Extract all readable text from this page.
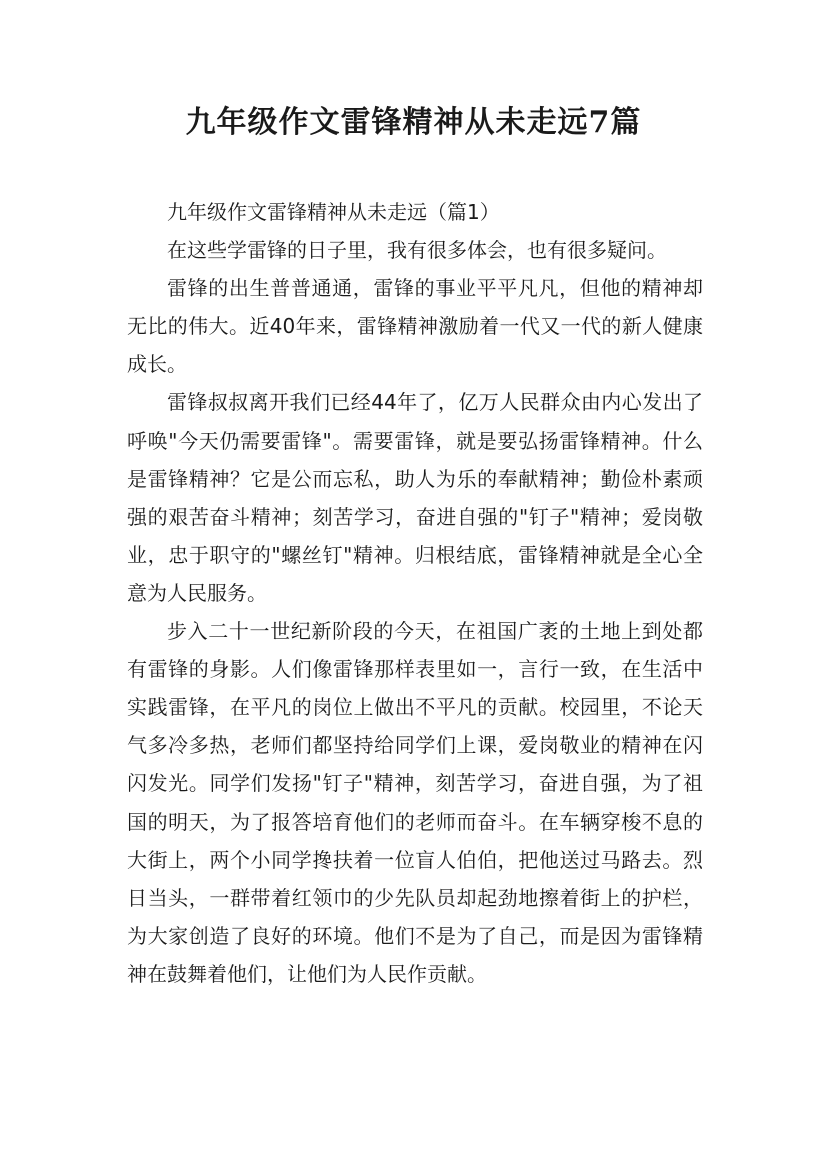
九年级作文雷锋精神从未走远7篇

九年级作文雷锋精神从未走远（篇1）

在这些学雷锋的日子里，我有很多体会，也有很多疑问。

雷锋的出生普普通通，雷锋的事业平平凡凡，但他的精神却无比的伟大。近40年来，雷锋精神激励着一代又一代的新人健康成长。

雷锋叔叔离开我们已经44年了，亿万人民群众由内心发出了呼唤"今天仍需要雷锋"。需要雷锋，就是要弘扬雷锋精神。什么是雷锋精神？它是公而忘私，助人为乐的奉献精神；勤俭朴素顽强的艰苦奋斗精神；刻苦学习，奋进自强的"钉子"精神；爱岗敬业，忠于职守的"螺丝钉"精神。归根结底，雷锋精神就是全心全意为人民服务。

步入二十一世纪新阶段的今天，在祖国广袤的土地上到处都有雷锋的身影。人们像雷锋那样表里如一，言行一致，在生活中实践雷锋，在平凡的岗位上做出不平凡的贡献。校园里，不论天气多冷多热，老师们都坚持给同学们上课，爱岗敬业的精神在闪闪发光。同学们发扬"钉子"精神，刻苦学习，奋进自强，为了祖国的明天，为了报答培育他们的老师而奋斗。在车辆穿梭不息的大街上，两个小同学搀扶着一位盲人伯伯，把他送过马路去。烈日当头，一群带着红领巾的少先队员却起劲地擦着街上的护栏，为大家创造了良好的环境。他们不是为了自己，而是因为雷锋精神在鼓舞着他们，让他们为人民作贡献。
